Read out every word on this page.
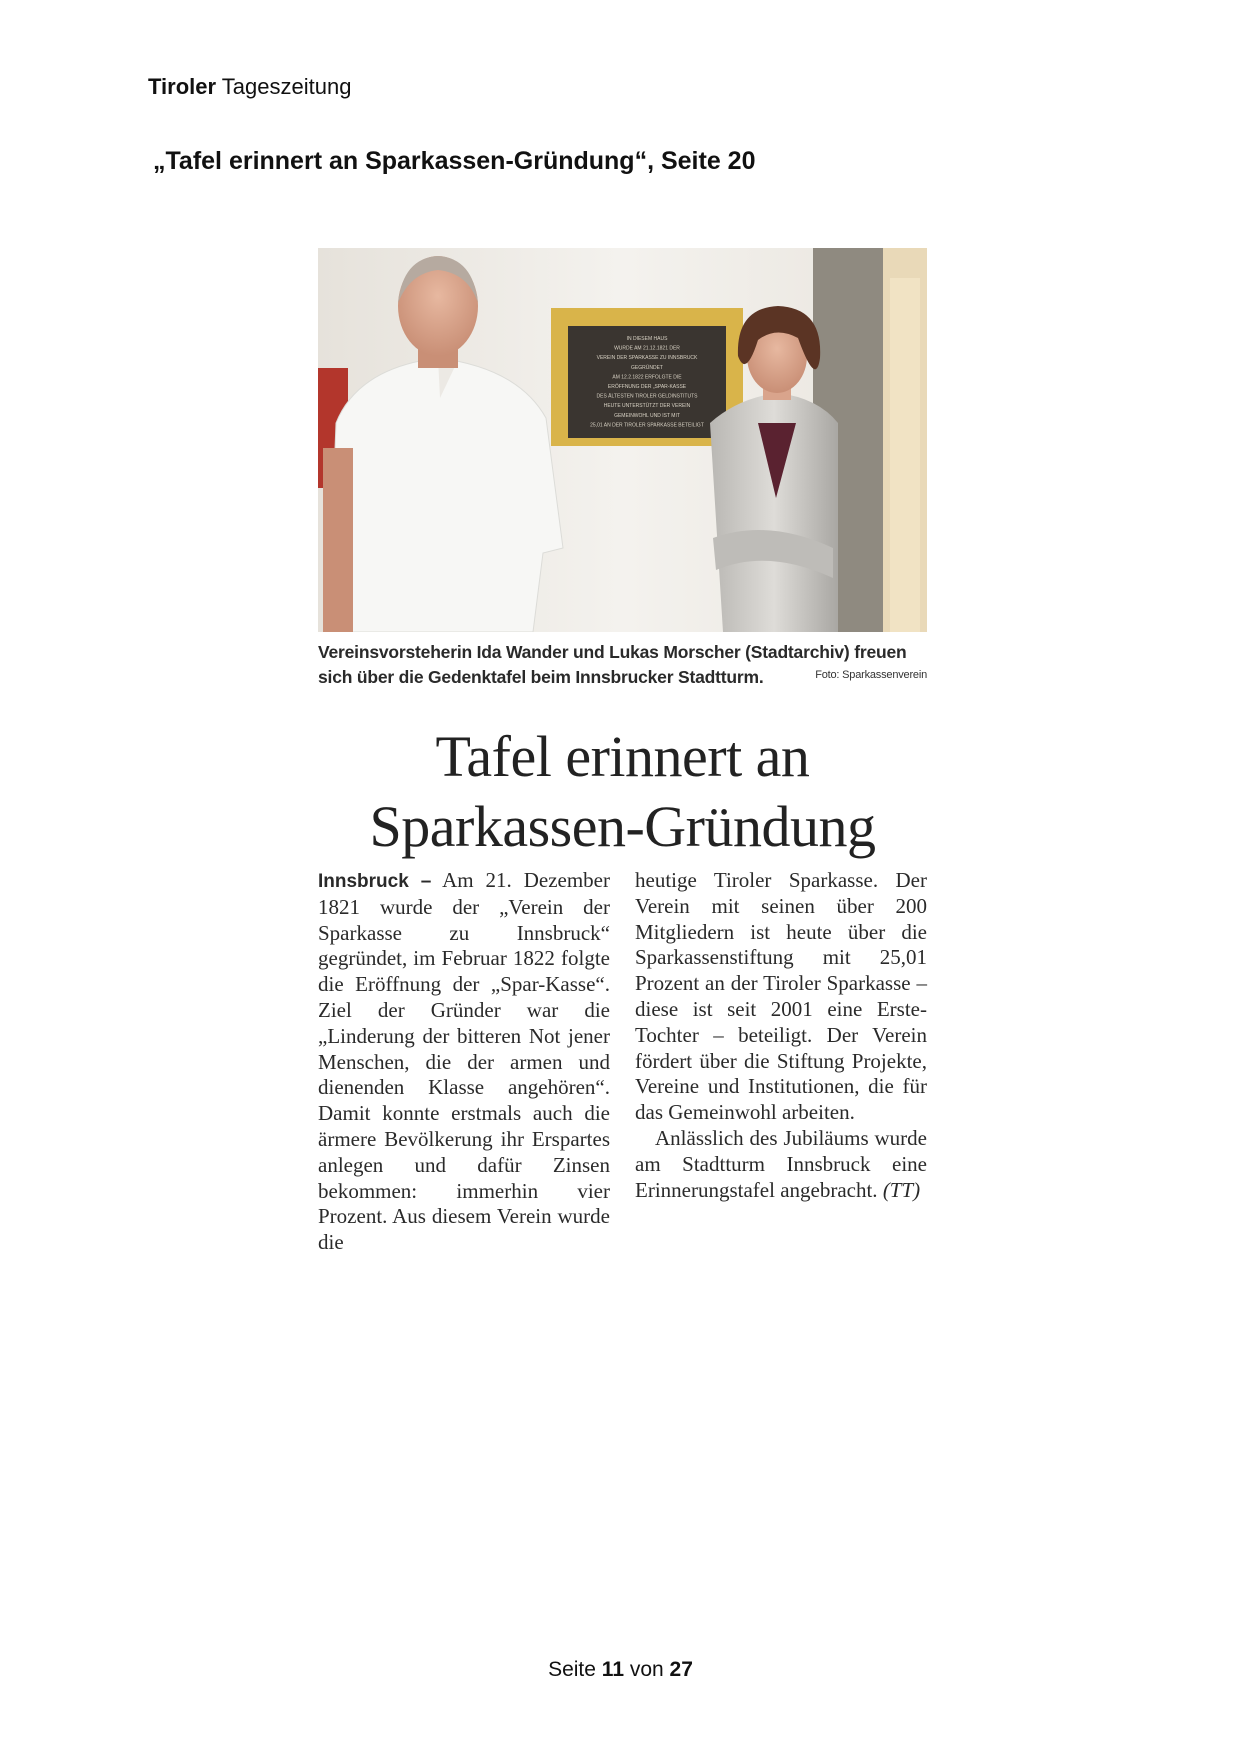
Tiroler Tageszeitung
„Tafel erinnert an Sparkassen-Gründung“, Seite 20
IN DIESEM HAUS
WURDE AM 21.12.1821 DER
VEREIN DER SPARKASSE ZU INNSBRUCK
GEGRÜNDET
AM 12.2.1822 ERFOLGTE DIE
ERÖFFNUNG DER „SPAR-KASSE
DES ÄLTESTEN TIROLER GELDINSTITUTS
HEUTE UNTERSTÜTZT DER VEREIN
GEMEINWOHL UND IST MIT
25,01 AN DER TIROLER SPARKASSE BETEILIGT
Vereinsvorsteherin Ida Wander und Lukas Morscher (Stadtarchiv) freuen sich über die Gedenktafel beim Innsbrucker Stadtturm.	Foto: Sparkassenverein
Tafel erinnert an
Sparkassen-Gründung

Innsbruck – Am 21. Dezember 1821 wurde der „Verein der Sparkasse zu Innsbruck“ gegründet, im Februar 1822 folgte die Eröffnung der „Spar-Kasse“. Ziel der Gründer war die „Linderung der bitteren Not jener Menschen, die der armen und dienenden Klasse angehören“. Damit konnte erstmals auch die ärmere Bevölkerung ihr Erspartes anlegen und dafür Zinsen bekommen: immerhin vier Prozent. Aus diesem Verein wurde die

heutige Tiroler Sparkasse. Der Verein mit seinen über 200 Mitgliedern ist heute über die Sparkassenstiftung mit 25,01 Prozent an der Tiroler Sparkasse – diese ist seit 2001 eine Erste-Tochter – beteiligt. Der Verein fördert über die Stiftung Projekte, Vereine und Institutionen, die für das Gemeinwohl arbeiten.

Anlässlich des Jubiläums wurde am Stadtturm Innsbruck eine Erinnerungstafel angebracht. (TT)

Seite 11 von 27
